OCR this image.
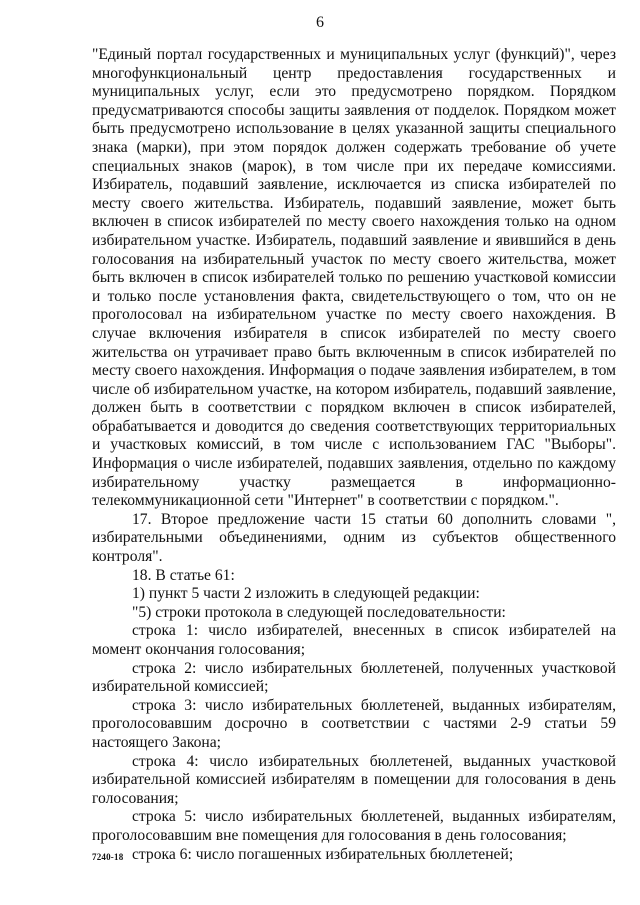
6

"Единый портал государственных и муниципальных услуг (функций)", через многофункциональный центр предоставления государственных и муниципальных услуг, если это предусмотрено порядком. Порядком предусматриваются способы защиты заявления от подделок. Порядком может быть предусмотрено использование в целях указанной защиты специального знака (марки), при этом порядок должен содержать требование об учете специальных знаков (марок), в том числе при их передаче комиссиями. Избиратель, подавший заявление, исключается из списка избирателей по месту своего жительства. Избиратель, подавший заявление, может быть включен в список избирателей по месту своего нахождения только на одном избирательном участке. Избиратель, подавший заявление и явившийся в день голосования на избирательный участок по месту своего жительства, может быть включен в список избирателей только по решению участковой комиссии и только после установления факта, свидетельствующего о том, что он не проголосовал на избирательном участке по месту своего нахождения. В случае включения избирателя в список избирателей по месту своего жительства он утрачивает право быть включенным в список избирателей по месту своего нахождения. Информация о подаче заявления избирателем, в том числе об избирательном участке, на котором избиратель, подавший заявление, должен быть в соответствии с порядком включен в список избирателей, обрабатывается и доводится до сведения соответствующих территориальных и участковых комиссий, в том числе с использованием ГАС "Выборы". Информация о числе избирателей, подавших заявления, отдельно по каждому избирательному участку размещается в информационно-телекоммуникационной сети "Интернет" в соответствии с порядком.".

17. Второе предложение части 15 статьи 60 дополнить словами ", избирательными объединениями, одним из субъектов общественного контроля".

18. В статье 61:

1) пункт 5 части 2 изложить в следующей редакции:

"5) строки протокола в следующей последовательности:

строка 1: число избирателей, внесенных в список избирателей на момент окончания голосования;

строка 2: число избирательных бюллетеней, полученных участковой избирательной комиссией;

строка 3: число избирательных бюллетеней, выданных избирателям, проголосовавшим досрочно в соответствии с частями 2-9 статьи 59 настоящего Закона;

строка 4: число избирательных бюллетеней, выданных участковой избирательной комиссией избирателям в помещении для голосования в день голосования;

строка 5: число избирательных бюллетеней, выданных избирателям, проголосовавшим вне помещения для голосования в день голосования;

строка 6: число погашенных избирательных бюллетеней;

7240-18
